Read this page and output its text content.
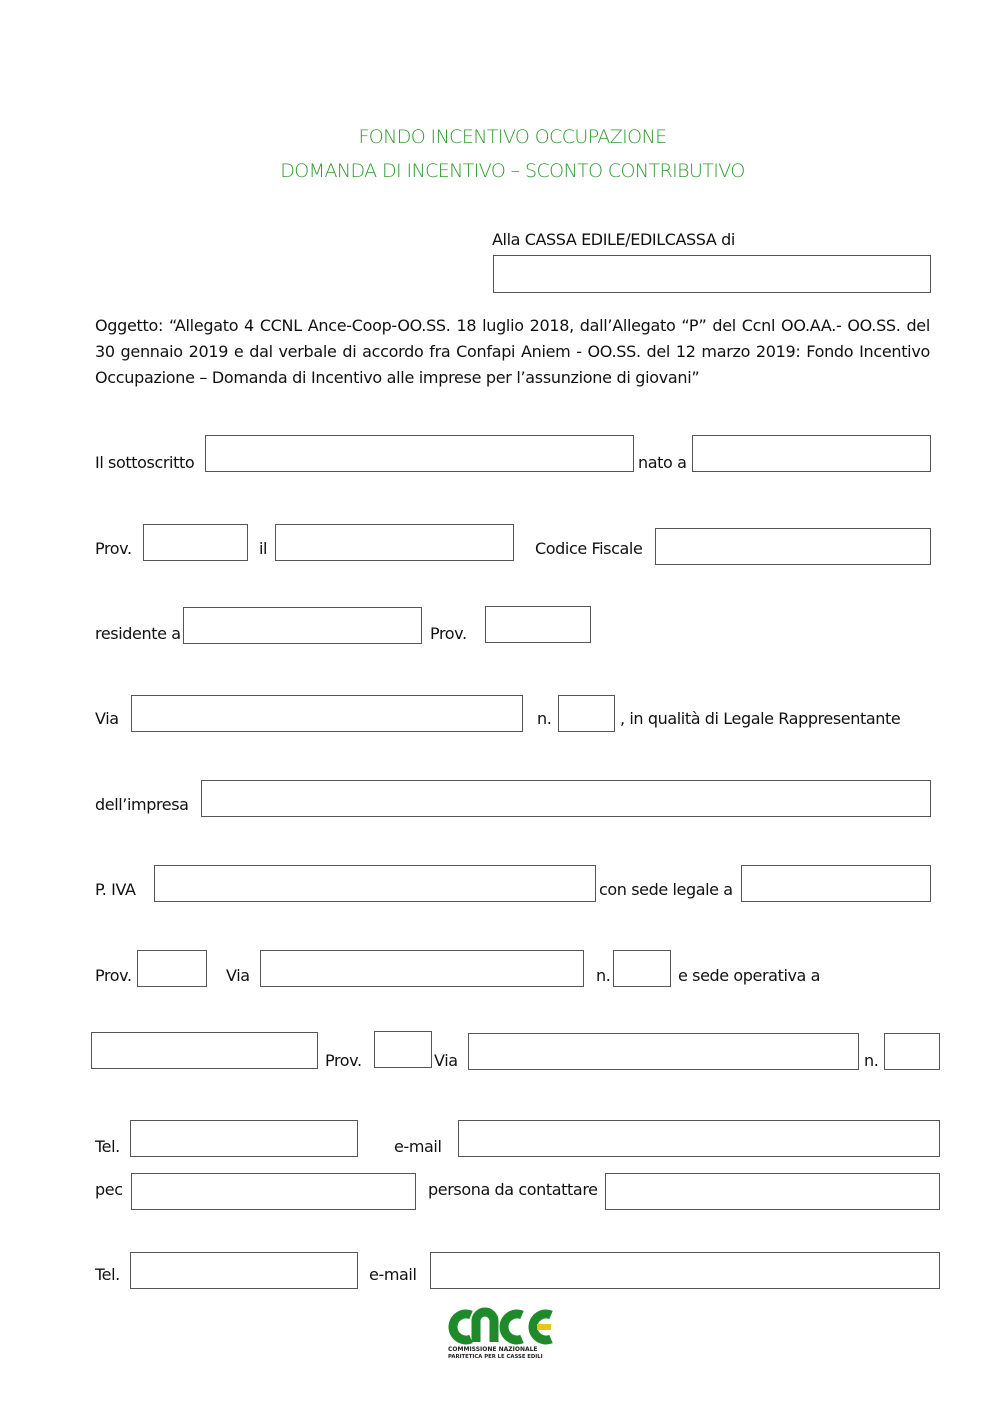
FONDO INCENTIVO OCCUPAZIONE
DOMANDA DI INCENTIVO – SCONTO CONTRIBUTIVO
Alla CASSA EDILE/EDILCASSA di
Oggetto: “Allegato 4 CCNL Ance-Coop-OO.SS. 18 luglio 2018, dall’Allegato “P” del Ccnl OO.AA.- OO.SS. del 30 gennaio 2019 e dal verbale di accordo fra Confapi Aniem - OO.SS. del 12 marzo 2019: Fondo Incentivo Occupazione – Domanda di Incentivo alle imprese per l’assunzione di giovani”
Il sottoscritto	nato a
Prov.	il	Codice Fiscale
residente a	Prov.
Via	n.	, in qualità di Legale Rappresentante
dell’impresa
P. IVA	con sede legale a
Prov.	Via	n.	e sede operativa a
Prov.	Via	n.
Tel.	e-mail
pec	persona da contattare
Tel.	e-mail
COMMISSIONE NAZIONALE
PARITETICA PER LE CASSE EDILI
